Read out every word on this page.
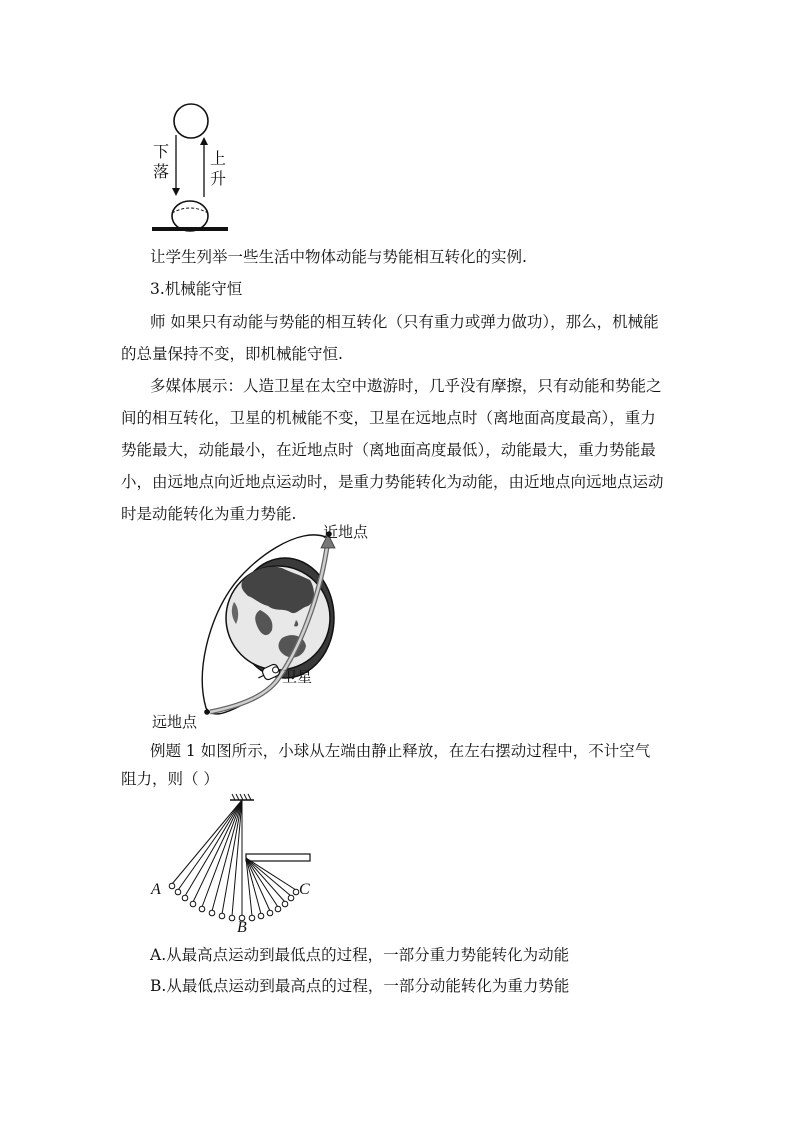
下
落
上
升
让学生列举一些生活中物体动能与势能相互转化的实例.
3.机械能守恒
师 如果只有动能与势能的相互转化（只有重力或弹力做功），那么，机械能
的总量保持不变，即机械能守恒.
多媒体展示：人造卫星在太空中遨游时，几乎没有摩擦，只有动能和势能之
间的相互转化，卫星的机械能不变，卫星在远地点时（离地面高度最高），重力
势能最大，动能最小，在近地点时（离地面高度最低），动能最大，重力势能最
小，由远地点向近地点运动时，是重力势能转化为动能，由近地点向远地点运动
时是动能转化为重力势能.
近地点
卫星
远地点
例题 1 如图所示，小球从左端由静止释放，在左右摆动过程中，不计空气
阻力，则（ ）
A	C
B
A.从最高点运动到最低点的过程，一部分重力势能转化为动能
B.从最低点运动到最高点的过程，一部分动能转化为重力势能
